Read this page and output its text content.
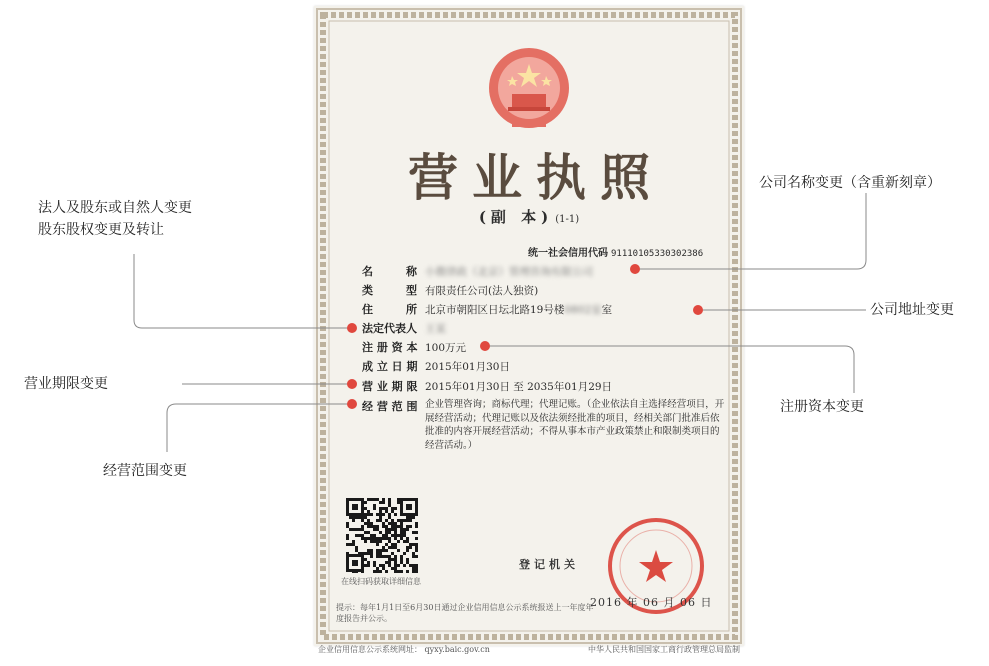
营业执照
(副 本) (1-1)
统一社会信用代码 91110105330302386
名　　　称
类　　　型
住　　　所
法定代表人
注 册 资 本
成 立 日 期
营 业 期 限
经 营 范 围
小微律政（北京）管理咨询有限公司
有限责任公司(法人独资)
北京市朝阳区日坛北路19号楼0802室室
王某
100万元
2015年01月30日
2015年01月30日 至 2035年01月29日
企业管理咨询；商标代理；代理记账。（企业依法自主选择经营项目，开展经营活动；代理记账以及依法须经批准的项目，经相关部门批准后依批准的内容开展经营活动；不得从事本市产业政策禁止和限制类项目的经营活动。）
在线扫码获取详细信息
登记机关
2016 年 06 月 06 日
提示：每年1月1日至6月30日通过企业信用信息公示系统报送上一年度年度报告并公示。
企业信用信息公示系统网址： qyxy.baic.gov.cn	中华人民共和国国家工商行政管理总局监制
法人及股东或自然人变更
股东股权变更及转让
营业期限变更
经营范围变更
公司名称变更（含重新刻章）
公司地址变更
注册资本变更
